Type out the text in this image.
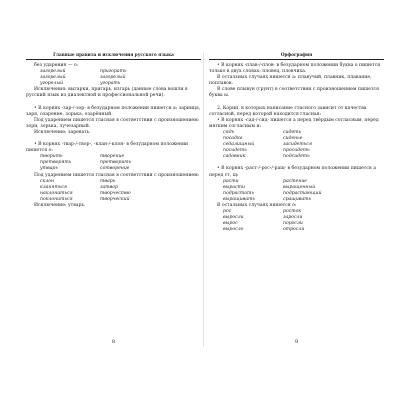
Главные правила и исключения русского языка

без ударения — о:

загорелый	пригорать
загорелый	загорелый
угорелый	угорать

Исключения: выгарки, пригарь, изгарь (данные слова вошли в русский язык из диалектной и профессиональной речи).

• В корнях -зар-/-зор- в безударном положении пишется а: зарница, заря, озарение, зорька, озарённый.

Под ударением пишется гласная в соответствии с произношением: зори, зорька, лучезарный.

Исключение: заревать.

• В корнях -твар-/-твор-, -клан-/-клон- в безударном положении пишется о:

творить	творение
претворять	претворить
утварь	сотворение

Под ударением пишется гласная в соответствии с произношением:

склон	тварь
кланяться	затвор
наклониться	творчество
поклониться	творческий

Исключение: утварь.

8
Орфография

• В корнях -плав-/-плов- в безударном положении буква о пишется только в двух словах: пловец, пловчиха.

В остальных случаях пишется а: плавучий, плавник, плавание, поплавок.

В слове плывун (грунт) в соответствии с произношением пишется буква ы.

2. Корни, в которых написание гласного зависит от качества согласной, перед которой находится гласная:

• В корнях -сад-/-сид- пишется а перед твёрдым согласным, перед мягким согласным и:

сядь	сидеть
посадка	сиденье
седалищный	засидеться
посидеть	просидеть
садовник	подсидеть

• В корнях -раст-/-рос-/-ращ- в безударном положении пишется а перед ст, щ:

расти	растение
вырасти	выращенный
подрастать	подрастающий
выращивать	сращивать

В остальных случаях пишется о:

рос	росток
выросли	заросли
вырос	поросли
выросло	отросли
9
